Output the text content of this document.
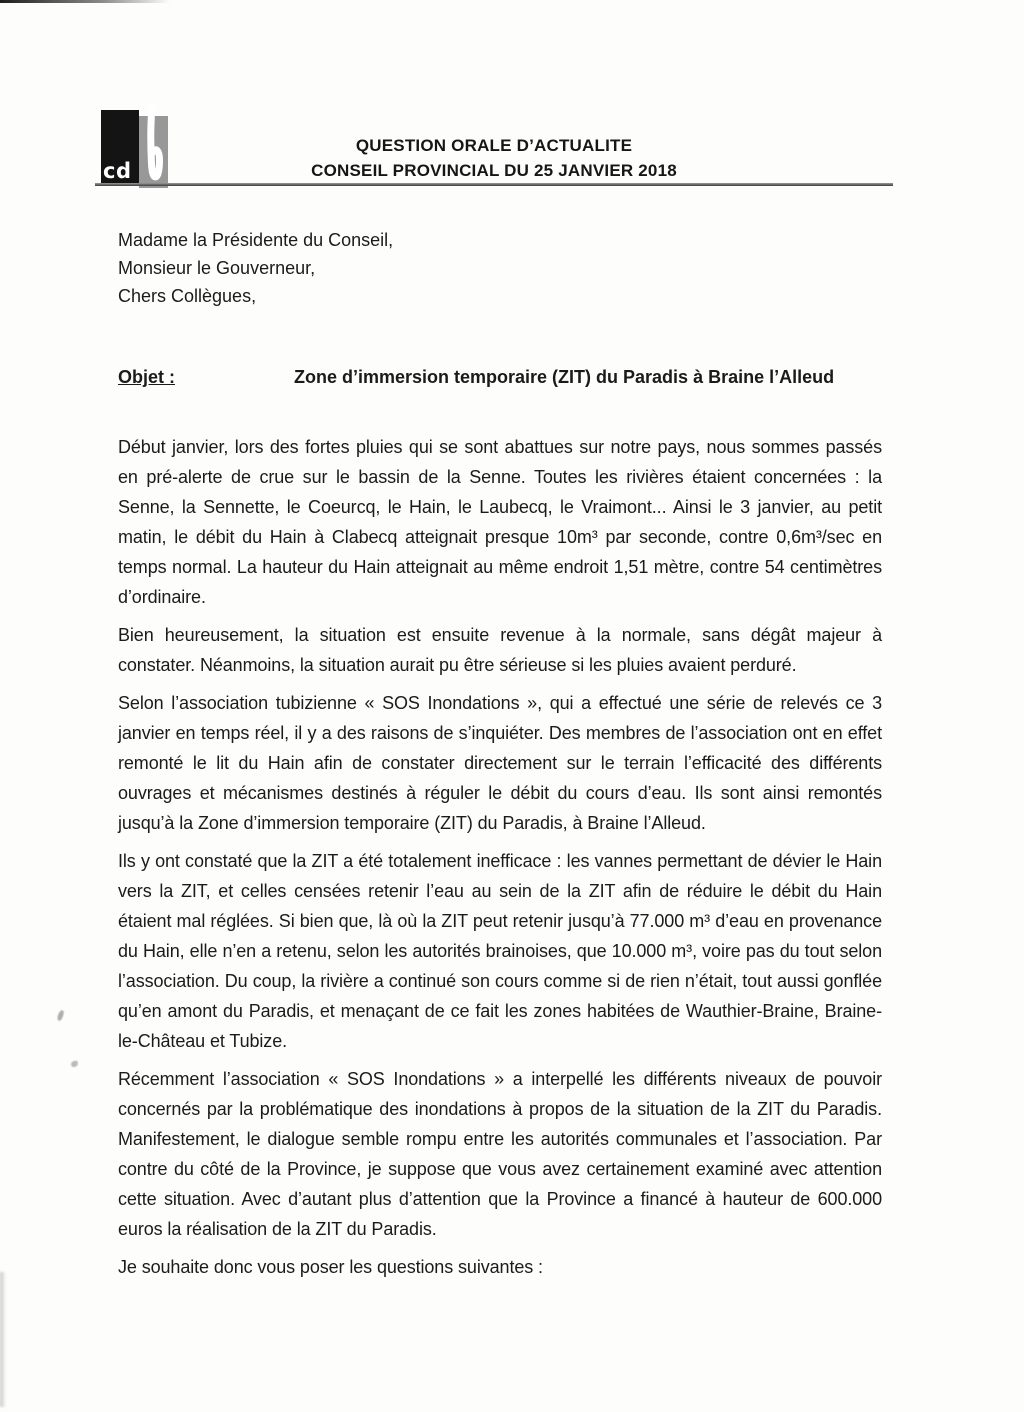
cd
QUESTION ORALE D’ACTUALITE
CONSEIL PROVINCIAL DU 25 JANVIER 2018
Madame la Présidente du Conseil,
Monsieur le Gouverneur,
Chers Collègues,
Objet :	Zone d’immersion temporaire (ZIT) du Paradis à Braine l’Alleud

Début janvier, lors des fortes pluies qui se sont abattues sur notre pays, nous sommes passés en pré-alerte de crue sur le bassin de la Senne. Toutes les rivières étaient concernées : la Senne, la Sennette, le Coeurcq, le Hain, le Laubecq, le Vraimont... Ainsi le 3 janvier, au petit matin, le débit du Hain à Clabecq atteignait presque 10m³ par seconde, contre 0,6m³/sec en temps normal. La hauteur du Hain atteignait au même endroit 1,51 mètre, contre 54 centimètres d’ordinaire.

Bien heureusement, la situation est ensuite revenue à la normale, sans dégât majeur à constater. Néanmoins, la situation aurait pu être sérieuse si les pluies avaient perduré.

Selon l’association tubizienne « SOS Inondations », qui a effectué une série de relevés ce 3 janvier en temps réel, il y a des raisons de s’inquiéter. Des membres de l’association ont en effet remonté le lit du Hain afin de constater directement sur le terrain l’efficacité des différents ouvrages et mécanismes destinés à réguler le débit du cours d’eau. Ils sont ainsi remontés jusqu’à la Zone d’immersion temporaire (ZIT) du Paradis, à Braine l’Alleud.

Ils y ont constaté que la ZIT a été totalement inefficace : les vannes permettant de dévier le Hain vers la ZIT, et celles censées retenir l’eau au sein de la ZIT afin de réduire le débit du Hain étaient mal réglées. Si bien que, là où la ZIT peut retenir jusqu’à 77.000 m³ d’eau en provenance du Hain, elle n’en a retenu, selon les autorités brainoises, que 10.000 m³, voire pas du tout selon l’association. Du coup, la rivière a continué son cours comme si de rien n’était, tout aussi gonflée qu’en amont du Paradis, et menaçant de ce fait les zones habitées de Wauthier-Braine, Braine-le-Château et Tubize.

Récemment l’association « SOS Inondations » a interpellé les différents niveaux de pouvoir concernés par la problématique des inondations à propos de la situation de la ZIT du Paradis. Manifestement, le dialogue semble rompu entre les autorités communales et l’association. Par contre du côté de la Province, je suppose que vous avez certainement examiné avec attention cette situation. Avec d’autant plus d’attention que la Province a financé à hauteur de 600.000 euros la réalisation de la ZIT du Paradis.

Je souhaite donc vous poser les questions suivantes :
